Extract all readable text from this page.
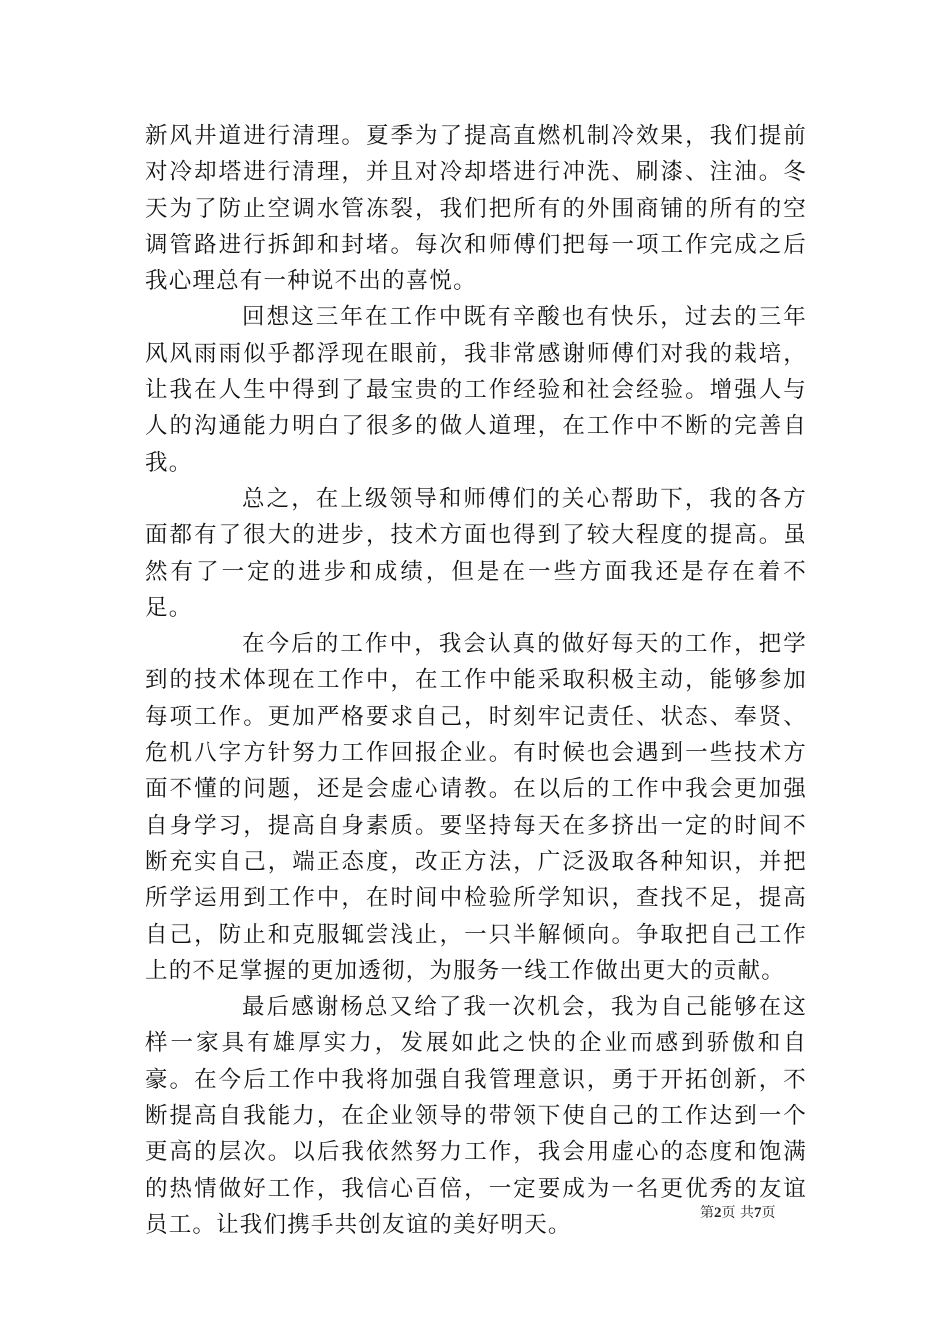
新风井道进行清理。夏季为了提高直燃机制冷效果，我们提前对冷却塔进行清理，并且对冷却塔进行冲洗、刷漆、注油。冬天为了防止空调水管冻裂，我们把所有的外围商铺的所有的空调管路进行拆卸和封堵。每次和师傅们把每一项工作完成之后我心理总有一种说不出的喜悦。

回想这三年在工作中既有辛酸也有快乐，过去的三年风风雨雨似乎都浮现在眼前，我非常感谢师傅们对我的栽培，让我在人生中得到了最宝贵的工作经验和社会经验。增强人与人的沟通能力明白了很多的做人道理，在工作中不断的完善自我。

总之，在上级领导和师傅们的关心帮助下，我的各方面都有了很大的进步，技术方面也得到了较大程度的提高。虽然有了一定的进步和成绩，但是在一些方面我还是存在着不足。

在今后的工作中，我会认真的做好每天的工作，把学到的技术体现在工作中，在工作中能采取积极主动，能够参加每项工作。更加严格要求自己，时刻牢记责任、状态、奉贤、危机八字方针努力工作回报企业。有时候也会遇到一些技术方面不懂的问题，还是会虚心请教。在以后的工作中我会更加强自身学习，提高自身素质。要坚持每天在多挤出一定的时间不断充实自己，端正态度，改正方法，广泛汲取各种知识，并把所学运用到工作中，在时间中检验所学知识，查找不足，提高自己，防止和克服辄尝浅止，一只半解倾向。争取把自己工作上的不足掌握的更加透彻，为服务一线工作做出更大的贡献。

最后感谢杨总又给了我一次机会，我为自己能够在这样一家具有雄厚实力，发展如此之快的企业而感到骄傲和自豪。在今后工作中我将加强自我管理意识，勇于开拓创新，不断提高自我能力，在企业领导的带领下使自己的工作达到一个更高的层次。以后我依然努力工作，我会用虚心的态度和饱满的热情做好工作，我信心百倍，一定要成为一名更优秀的友谊员工。让我们携手共创友谊的美好明天。	第2页 共7页
